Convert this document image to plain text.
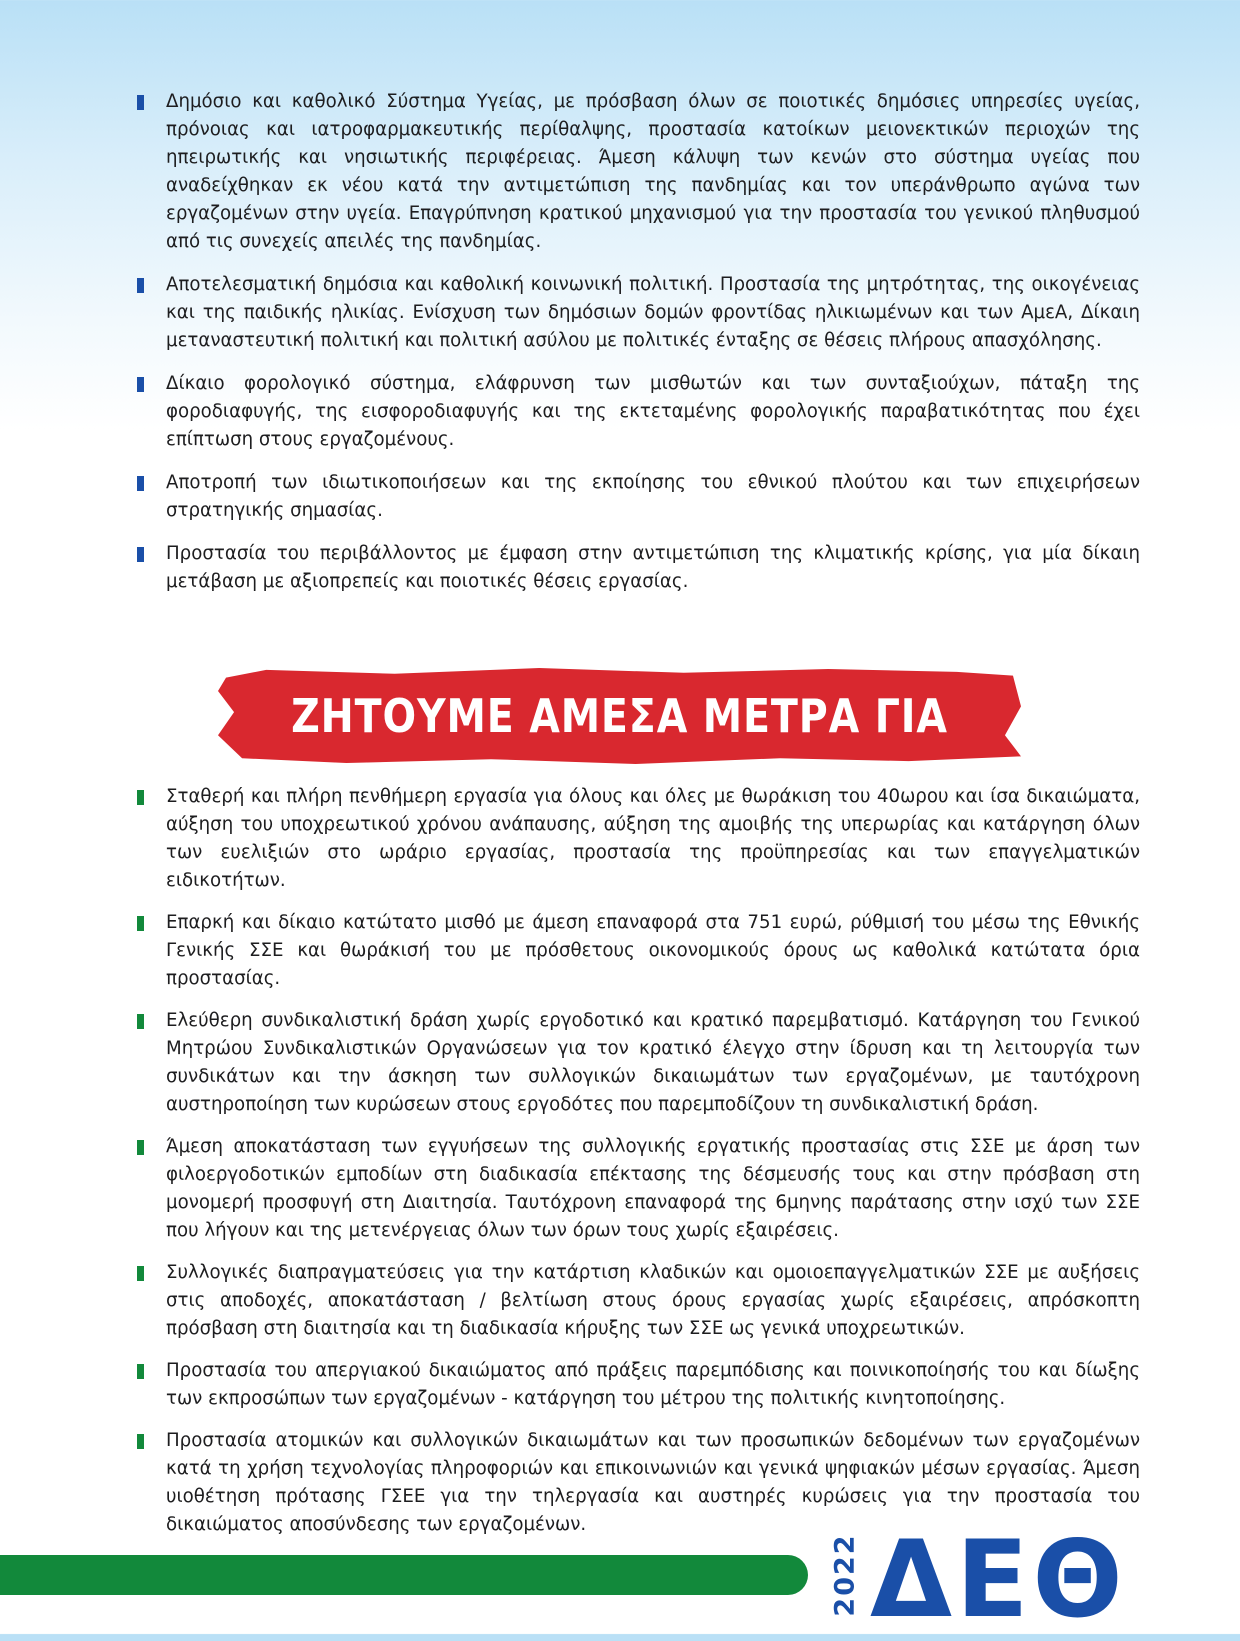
Δημόσιο και καθολικό Σύστημα Υγείας, με πρόσβαση όλων σε ποιοτικές δημόσιες υπηρεσίες υγείας, πρόνοιας και ιατροφαρμακευτικής περίθαλψης, προστασία κατοίκων μειονεκτικών περιοχών της ηπειρωτικής και νησιωτικής περιφέρειας. Άμεση κάλυψη των κενών στο σύστημα υγείας που αναδείχθηκαν εκ νέου κατά την αντιμετώπιση της πανδημίας και τον υπεράνθρωπο αγώνα των εργαζομένων στην υγεία. Επαγρύπνηση κρατικού μηχανισμού για την προστασία του γενικού πληθυσμού από τις συνεχείς απειλές της πανδημίας.
Αποτελεσματική δημόσια και καθολική κοινωνική πολιτική. Προστασία της μητρότητας, της οικογένειας και της παιδικής ηλικίας. Ενίσχυση των δημόσιων δομών φροντίδας ηλικιωμένων και των ΑμεΑ, Δίκαιη μεταναστευτική πολιτική και πολιτική ασύλου με πολιτικές ένταξης σε θέσεις πλήρους απασχόλησης.
Δίκαιο φορολογικό σύστημα, ελάφρυνση των μισθωτών και των συνταξιούχων, πάταξη της φοροδιαφυγής, της εισφοροδιαφυγής και της εκτεταμένης φορολογικής παραβατικότητας που έχει επίπτωση στους εργαζομένους.
Αποτροπή των ιδιωτικοποιήσεων και της εκποίησης του εθνικού πλούτου και των επιχειρήσεων στρατηγικής σημασίας.
Προστασία του περιβάλλοντος με έμφαση στην αντιμετώπιση της κλιματικής κρίσης, για μία δίκαιη μετάβαση με αξιοπρεπείς και ποιοτικές θέσεις εργασίας.
ΖΗΤΟΥΜΕ ΑΜΕΣΑ ΜΕΤΡΑ ΓΙΑ
Σταθερή και πλήρη πενθήμερη εργασία για όλους και όλες με θωράκιση του 40ωρου και ίσα δικαιώματα, αύξηση του υποχρεωτικού χρόνου ανάπαυσης, αύξηση της αμοιβής της υπερωρίας και κατάργηση όλων των ευελιξιών στο ωράριο εργασίας, προστασία της προϋπηρεσίας και των επαγγελματικών ειδικοτήτων.
Επαρκή και δίκαιο κατώτατο μισθό με άμεση επαναφορά στα 751 ευρώ, ρύθμισή του μέσω της Εθνικής Γενικής ΣΣΕ και θωράκισή του με πρόσθετους οικονομικούς όρους ως καθολικά κατώτατα όρια προστασίας.
Ελεύθερη συνδικαλιστική δράση χωρίς εργοδοτικό και κρατικό παρεμβατισμό. Κατάργηση του Γενικού Μητρώου Συνδικαλιστικών Οργανώσεων για τον κρατικό έλεγχο στην ίδρυση και τη λειτουργία των συνδικάτων και την άσκηση των συλλογικών δικαιωμάτων των εργαζομένων, με ταυτόχρονη αυστηροποίηση των κυρώσεων στους εργοδότες που παρεμποδίζουν τη συνδικαλιστική δράση.
Άμεση αποκατάσταση των εγγυήσεων της συλλογικής εργατικής προστασίας στις ΣΣΕ με άρση των φιλοεργοδοτικών εμποδίων στη διαδικασία επέκτασης της δέσμευσής τους και στην πρόσβαση στη μονομερή προσφυγή στη Διαιτησία. Ταυτόχρονη επαναφορά της 6μηνης παράτασης στην ισχύ των ΣΣΕ που λήγουν και της μετενέργειας όλων των όρων τους χωρίς εξαιρέσεις.
Συλλογικές διαπραγματεύσεις για την κατάρτιση κλαδικών και ομοιοεπαγγελματικών ΣΣΕ με αυξήσεις στις αποδοχές, αποκατάσταση / βελτίωση στους όρους εργασίας χωρίς εξαιρέσεις, απρόσκοπτη πρόσβαση στη διαιτησία και τη διαδικασία κήρυξης των ΣΣΕ ως γενικά υποχρεωτικών.
Προστασία του απεργιακού δικαιώματος από πράξεις παρεμπόδισης και ποινικοποίησής του και δίωξης των εκπροσώπων των εργαζομένων - κατάργηση του μέτρου της πολιτικής κινητοποίησης.
Προστασία ατομικών και συλλογικών δικαιωμάτων και των προσωπικών δεδομένων των εργαζομένων κατά τη χρήση τεχνολογίας πληροφοριών και επικοινωνιών και γενικά ψηφιακών μέσων εργασίας. Άμεση υιοθέτηση πρότασης ΓΣΕΕ για την τηλεργασία και αυστηρές κυρώσεις για την προστασία του δικαιώματος αποσύνδεσης των εργαζομένων.
2022 ΔΕΘ
